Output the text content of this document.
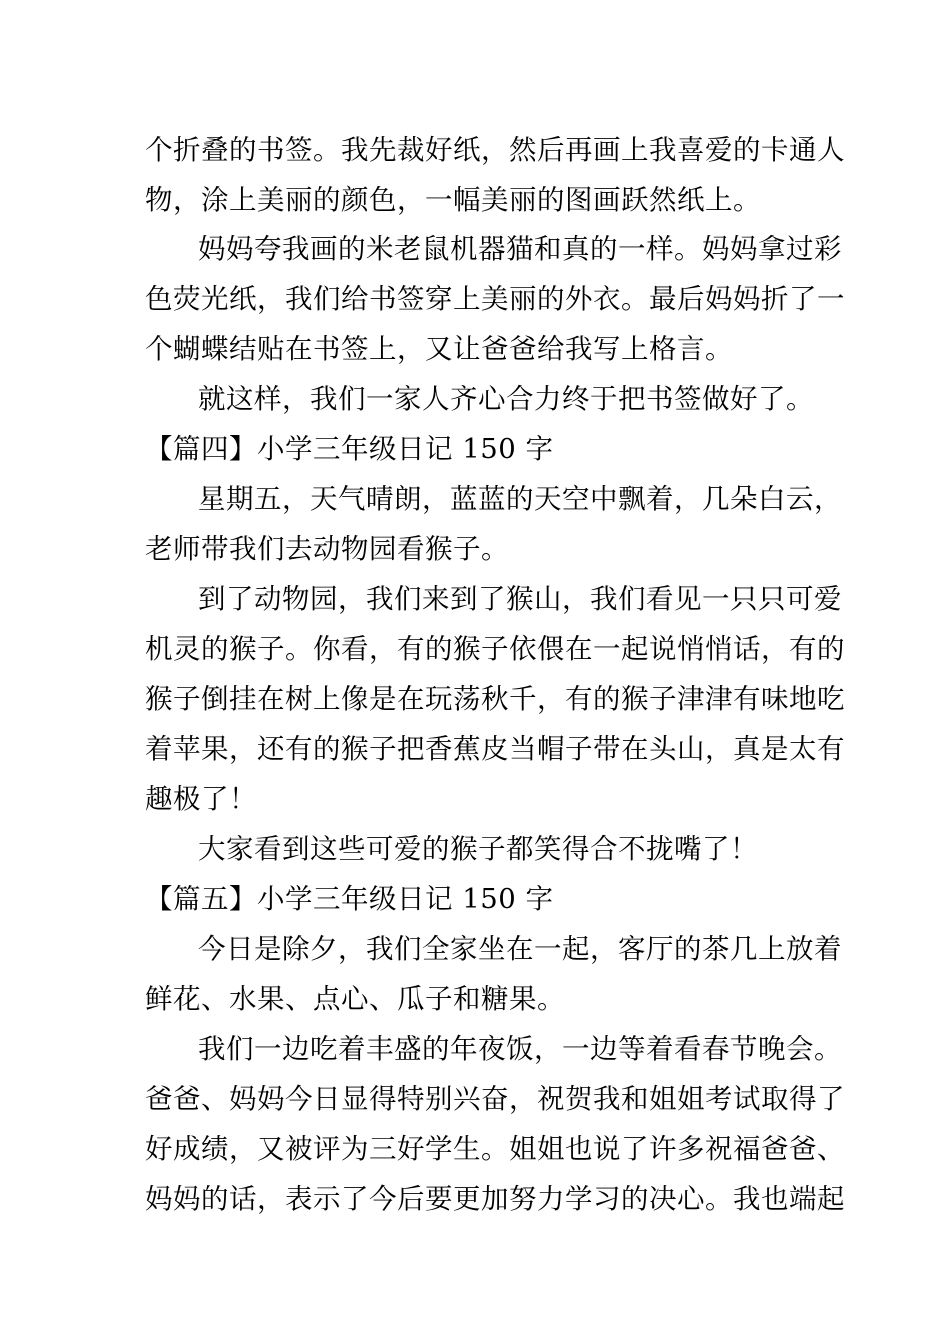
个折叠的书签。我先裁好纸，然后再画上我喜爱的卡通人
物，涂上美丽的颜色，一幅美丽的图画跃然纸上。
妈妈夸我画的米老鼠机器猫和真的一样。妈妈拿过彩
色荧光纸，我们给书签穿上美丽的外衣。最后妈妈折了一
个蝴蝶结贴在书签上，又让爸爸给我写上格言。
就这样，我们一家人齐心合力终于把书签做好了。
【篇四】小学三年级日记 150 字
星期五，天气晴朗，蓝蓝的天空中飘着，几朵白云，
老师带我们去动物园看猴子。
到了动物园，我们来到了猴山，我们看见一只只可爱
机灵的猴子。你看，有的猴子依偎在一起说悄悄话，有的
猴子倒挂在树上像是在玩荡秋千，有的猴子津津有味地吃
着苹果，还有的猴子把香蕉皮当帽子带在头山，真是太有
趣极了！
大家看到这些可爱的猴子都笑得合不拢嘴了！
【篇五】小学三年级日记 150 字
今日是除夕，我们全家坐在一起，客厅的茶几上放着
鲜花、水果、点心、瓜子和糖果。
我们一边吃着丰盛的年夜饭，一边等着看春节晚会。
爸爸、妈妈今日显得特别兴奋，祝贺我和姐姐考试取得了
好成绩，又被评为三好学生。姐姐也说了许多祝福爸爸、
妈妈的话，表示了今后要更加努力学习的决心。我也端起
